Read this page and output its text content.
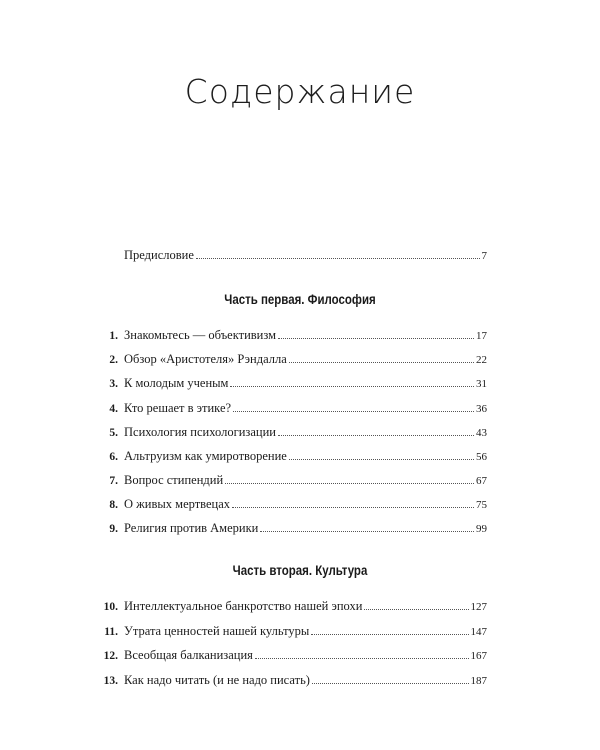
Содержание
Предисловие	7
Часть первая. Философия
1. Знакомьтесь — объективизм	17
2. Обзор «Аристотеля» Рэндалла	22
3. К молодым ученым	31
4. Кто решает в этике?	36
5. Психология психологизации	43
6. Альтруизм как умиротворение	56
7. Вопрос стипендий	67
8. О живых мертвецах	75
9. Религия против Америки	99
Часть вторая. Культура
10. Интеллектуальное банкротство нашей эпохи	127
11. Утрата ценностей нашей культуры	147
12. Всеобщая балканизация	167
13. Как надо читать (и не надо писать)	187
